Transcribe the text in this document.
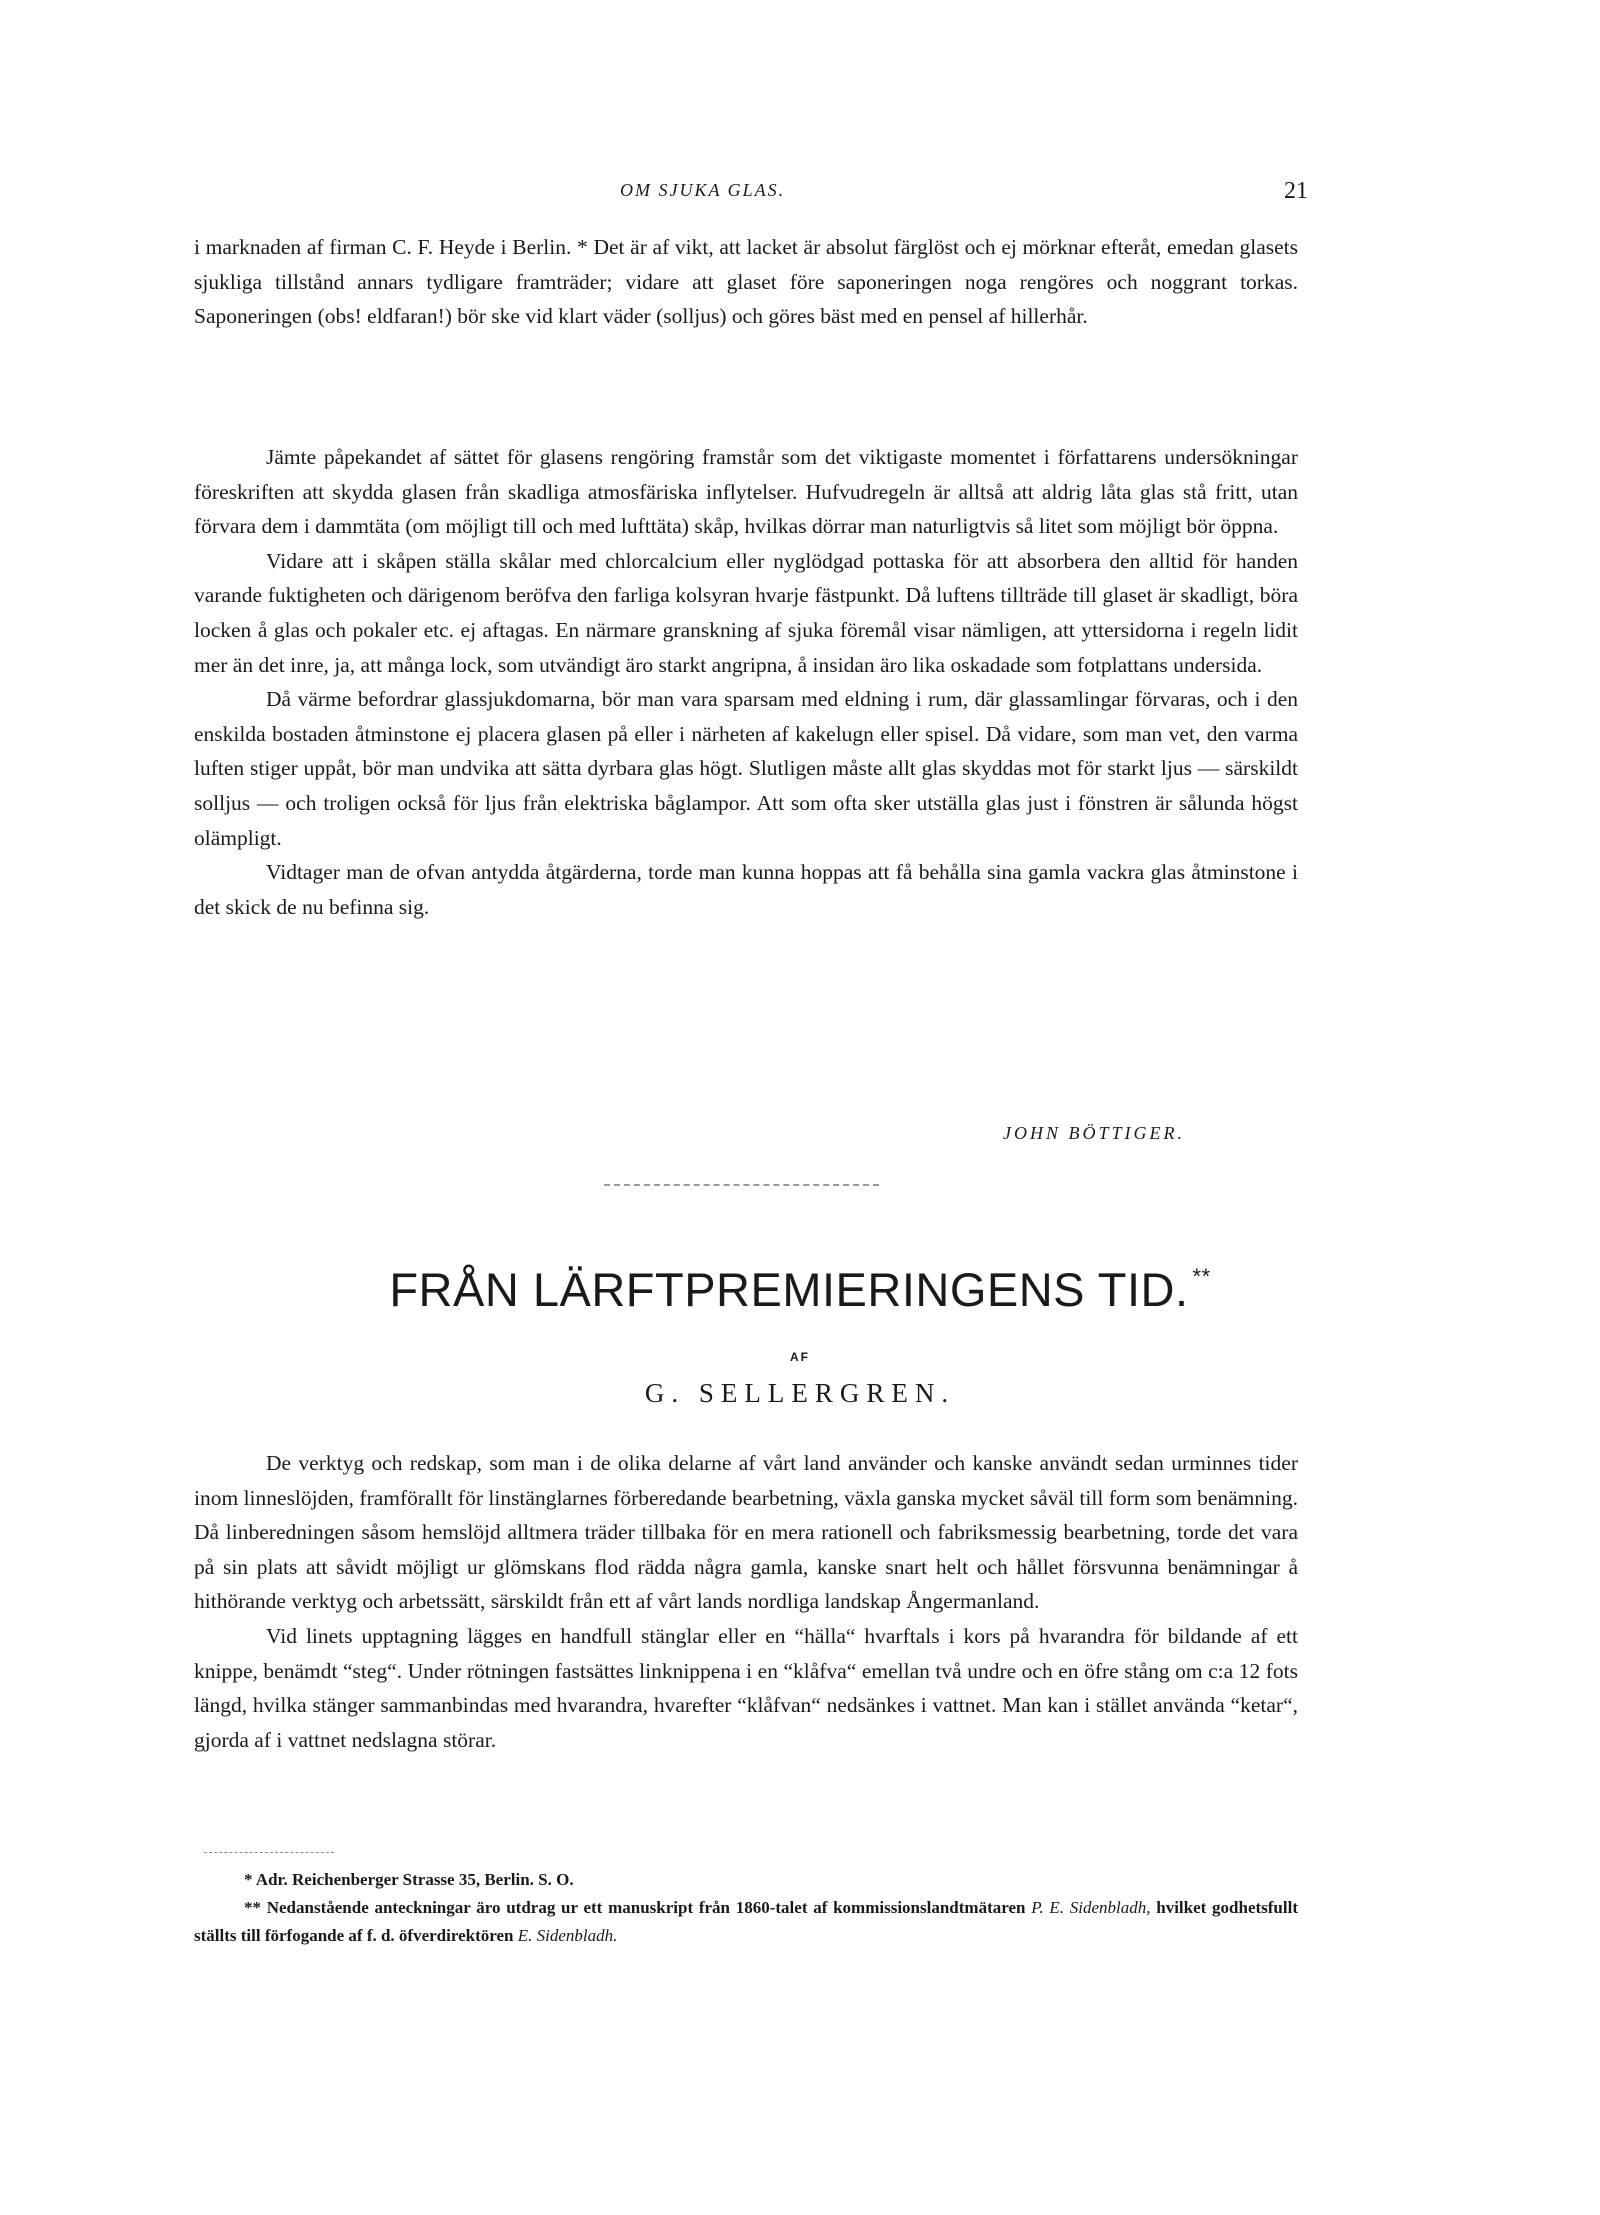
OM SJUKA GLAS.	21

i marknaden af firman C. F. Heyde i Berlin. * Det är af vikt, att lacket är absolut färglöst och ej mörknar efteråt, emedan glasets sjukliga tillstånd annars tydligare framträder; vidare att glaset före saponeringen noga rengöres och noggrant torkas. Saponeringen (obs! eldfaran!) bör ske vid klart väder (solljus) och göres bäst med en pensel af hillerhår.

Jämte påpekandet af sättet för glasens rengöring framstår som det viktigaste momentet i författarens undersökningar föreskriften att skydda glasen från skadliga atmosfäriska inflytelser. Hufvudregeln är alltså att aldrig låta glas stå fritt, utan förvara dem i dammtäta (om möjligt till och med lufttäta) skåp, hvilkas dörrar man naturligtvis så litet som möjligt bör öppna.

Vidare att i skåpen ställa skålar med chlorcalcium eller nyglödgad pottaska för att absorbera den alltid för handen varande fuktigheten och därigenom beröfva den farliga kolsyran hvarje fästpunkt. Då luftens tillträde till glaset är skadligt, böra locken å glas och pokaler etc. ej aftagas. En närmare granskning af sjuka föremål visar nämligen, att yttersidorna i regeln lidit mer än det inre, ja, att många lock, som utvändigt äro starkt angripna, å insidan äro lika oskadade som fotplattans undersida.

Då värme befordrar glassjukdomarna, bör man vara sparsam med eldning i rum, där glassamlingar förvaras, och i den enskilda bostaden åtminstone ej placera glasen på eller i närheten af kakelugn eller spisel. Då vidare, som man vet, den varma luften stiger uppåt, bör man undvika att sätta dyrbara glas högt. Slutligen måste allt glas skyddas mot för starkt ljus — särskildt solljus — och troligen också för ljus från elektriska båglampor. Att som ofta sker utställa glas just i fönstren är sålunda högst olämpligt.

Vidtager man de ofvan antydda åtgärderna, torde man kunna hoppas att få behålla sina gamla vackra glas åtminstone i det skick de nu befinna sig.

JOHN BÖTTIGER.
FRÅN LÄRFTPREMIERINGENS TID. **
AF
G. SELLERGREN.

De verktyg och redskap, som man i de olika delarne af vårt land använder och kanske användt sedan urminnes tider inom linneslöjden, framförallt för linstänglarnes förberedande bearbetning, växla ganska mycket såväl till form som benämning. Då linberedningen såsom hemslöjd alltmera träder tillbaka för en mera rationell och fabriksmessig bearbetning, torde det vara på sin plats att såvidt möjligt ur glömskans flod rädda några gamla, kanske snart helt och hållet försvunna benämningar å hithörande verktyg och arbetssätt, särskildt från ett af vårt lands nordliga landskap Ångermanland.

Vid linets upptagning lägges en handfull stänglar eller en “hälla“ hvarftals i kors på hvarandra för bildande af ett knippe, benämdt “steg“. Under rötningen fastsättes linknippena i en “klåfva“ emellan två undre och en öfre stång om c:a 12 fots längd, hvilka stänger sammanbindas med hvarandra, hvarefter “klåfvan“ nedsänkes i vattnet. Man kan i stället använda “ketar“, gjorda af i vattnet nedslagna störar.

* Adr. Reichenberger Strasse 35, Berlin. S. O.

** Nedanstående anteckningar äro utdrag ur ett manuskript från 1860-talet af kommissionslandtmätaren P. E. Sidenbladh, hvilket godhetsfullt ställts till förfogande af f. d. öfverdirektören E. Sidenbladh.
